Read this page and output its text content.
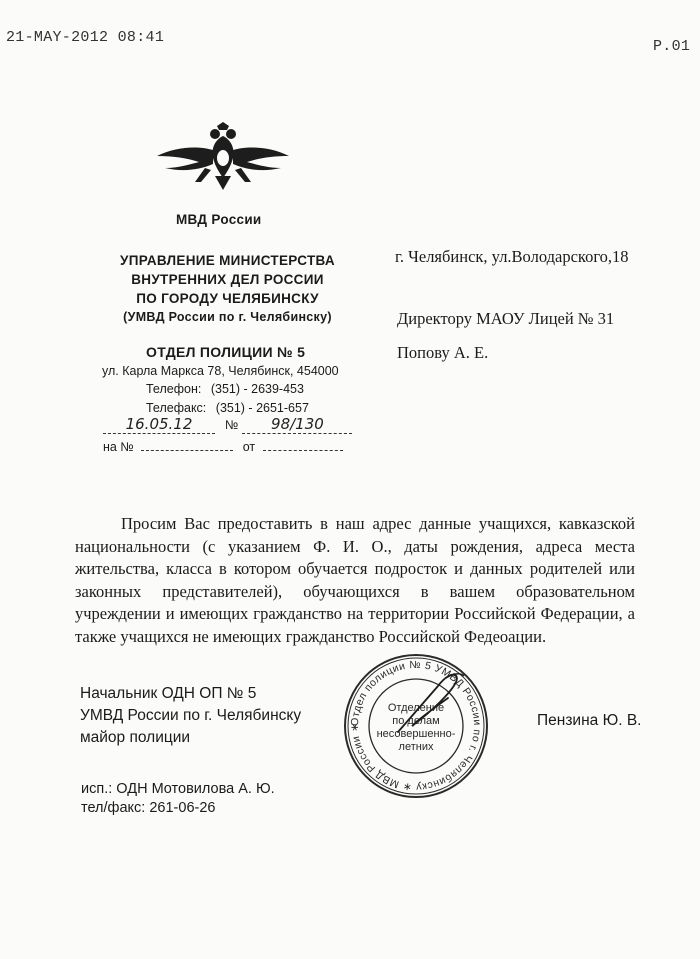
21-MAY-2012 08:41
P.01
МВД России
УПРАВЛЕНИЕ МИНИСТЕРСТВА
ВНУТРЕННИХ ДЕЛ РОССИИ
ПО ГОРОДУ ЧЕЛЯБИНСКУ
(УМВД России по г. Челябинску)
ОТДЕЛ ПОЛИЦИИ № 5
ул. Карла Маркса 78, Челябинск, 454000
Телефон: (351) - 2639-453
Телефакс: (351) - 2651-657
16.05.12	№ 98/130
на №	от
г. Челябинск, ул.Володарского,18
Директору МАОУ Лицей № 31
Попову А. Е.
Просим Вас предоставить в наш адрес данные учащихся, кавказской национальности (с указанием Ф. И. О., даты рождения, адреса места жительства, класса в котором обучается подросток и данных родителей или законных представителей), обучающихся в вашем образовательном учреждении и имеющих гражданство на территории Российской Федерации, а также учащихся не имеющих гражданство Российской Федеоации.
Начальник ОДН ОП № 5
УМВД России по г. Челябинску
майор полиции
Пензина Ю. В.
Отдел полиции № 5 УМВД России по г. Челябинску ∗ МВД России ∗
Отделение
по делам
несовершенно-
летних
исп.: ОДН Мотовилова А. Ю.
тел/факс: 261-06-26
